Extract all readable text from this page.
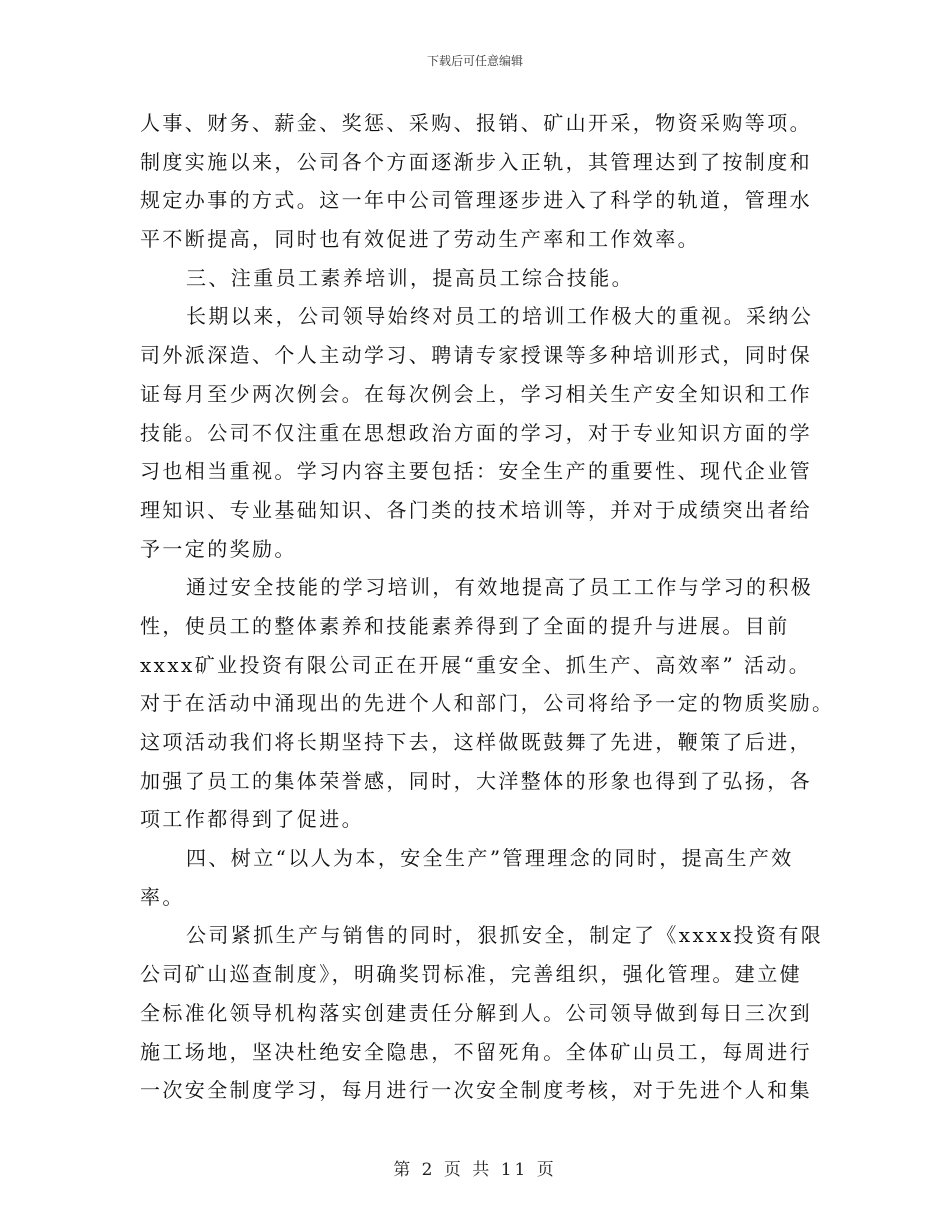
下载后可任意编辑
人事、财务、薪金、奖惩、采购、报销、矿山开采，物资采购等项。
制度实施以来，公司各个方面逐渐步入正轨，其管理达到了按制度和
规定办事的方式。这一年中公司管理逐步进入了科学的轨道，管理水
平不断提高，同时也有效促进了劳动生产率和工作效率。
三、注重员工素养培训，提高员工综合技能。
长期以来，公司领导始终对员工的培训工作极大的重视。采纳公
司外派深造、个人主动学习、聘请专家授课等多种培训形式，同时保
证每月至少两次例会。在每次例会上，学习相关生产安全知识和工作
技能。公司不仅注重在思想政治方面的学习，对于专业知识方面的学
习也相当重视。学习内容主要包括：安全生产的重要性、现代企业管
理知识、专业基础知识、各门类的技术培训等，并对于成绩突出者给
予一定的奖励。
通过安全技能的学习培训，有效地提高了员工工作与学习的积极
性，使员工的整体素养和技能素养得到了全面的提升与进展。目前
xxxx矿业投资有限公司正在开展“重安全、抓生产、高效率” 活动。
对于在活动中涌现出的先进个人和部门，公司将给予一定的物质奖励。
这项活动我们将长期坚持下去，这样做既鼓舞了先进，鞭策了后进，
加强了员工的集体荣誉感，同时，大洋整体的形象也得到了弘扬，各
项工作都得到了促进。
四、树立“以人为本，安全生产”管理理念的同时，提高生产效
率。
公司紧抓生产与销售的同时，狠抓安全，制定了《xxxx投资有限
公司矿山巡查制度》，明确奖罚标准，完善组织，强化管理。建立健
全标准化领导机构落实创建责任分解到人。公司领导做到每日三次到
施工场地，坚决杜绝安全隐患，不留死角。全体矿山员工，每周进行
一次安全制度学习，每月进行一次安全制度考核，对于先进个人和集
第 2 页 共 11 页
